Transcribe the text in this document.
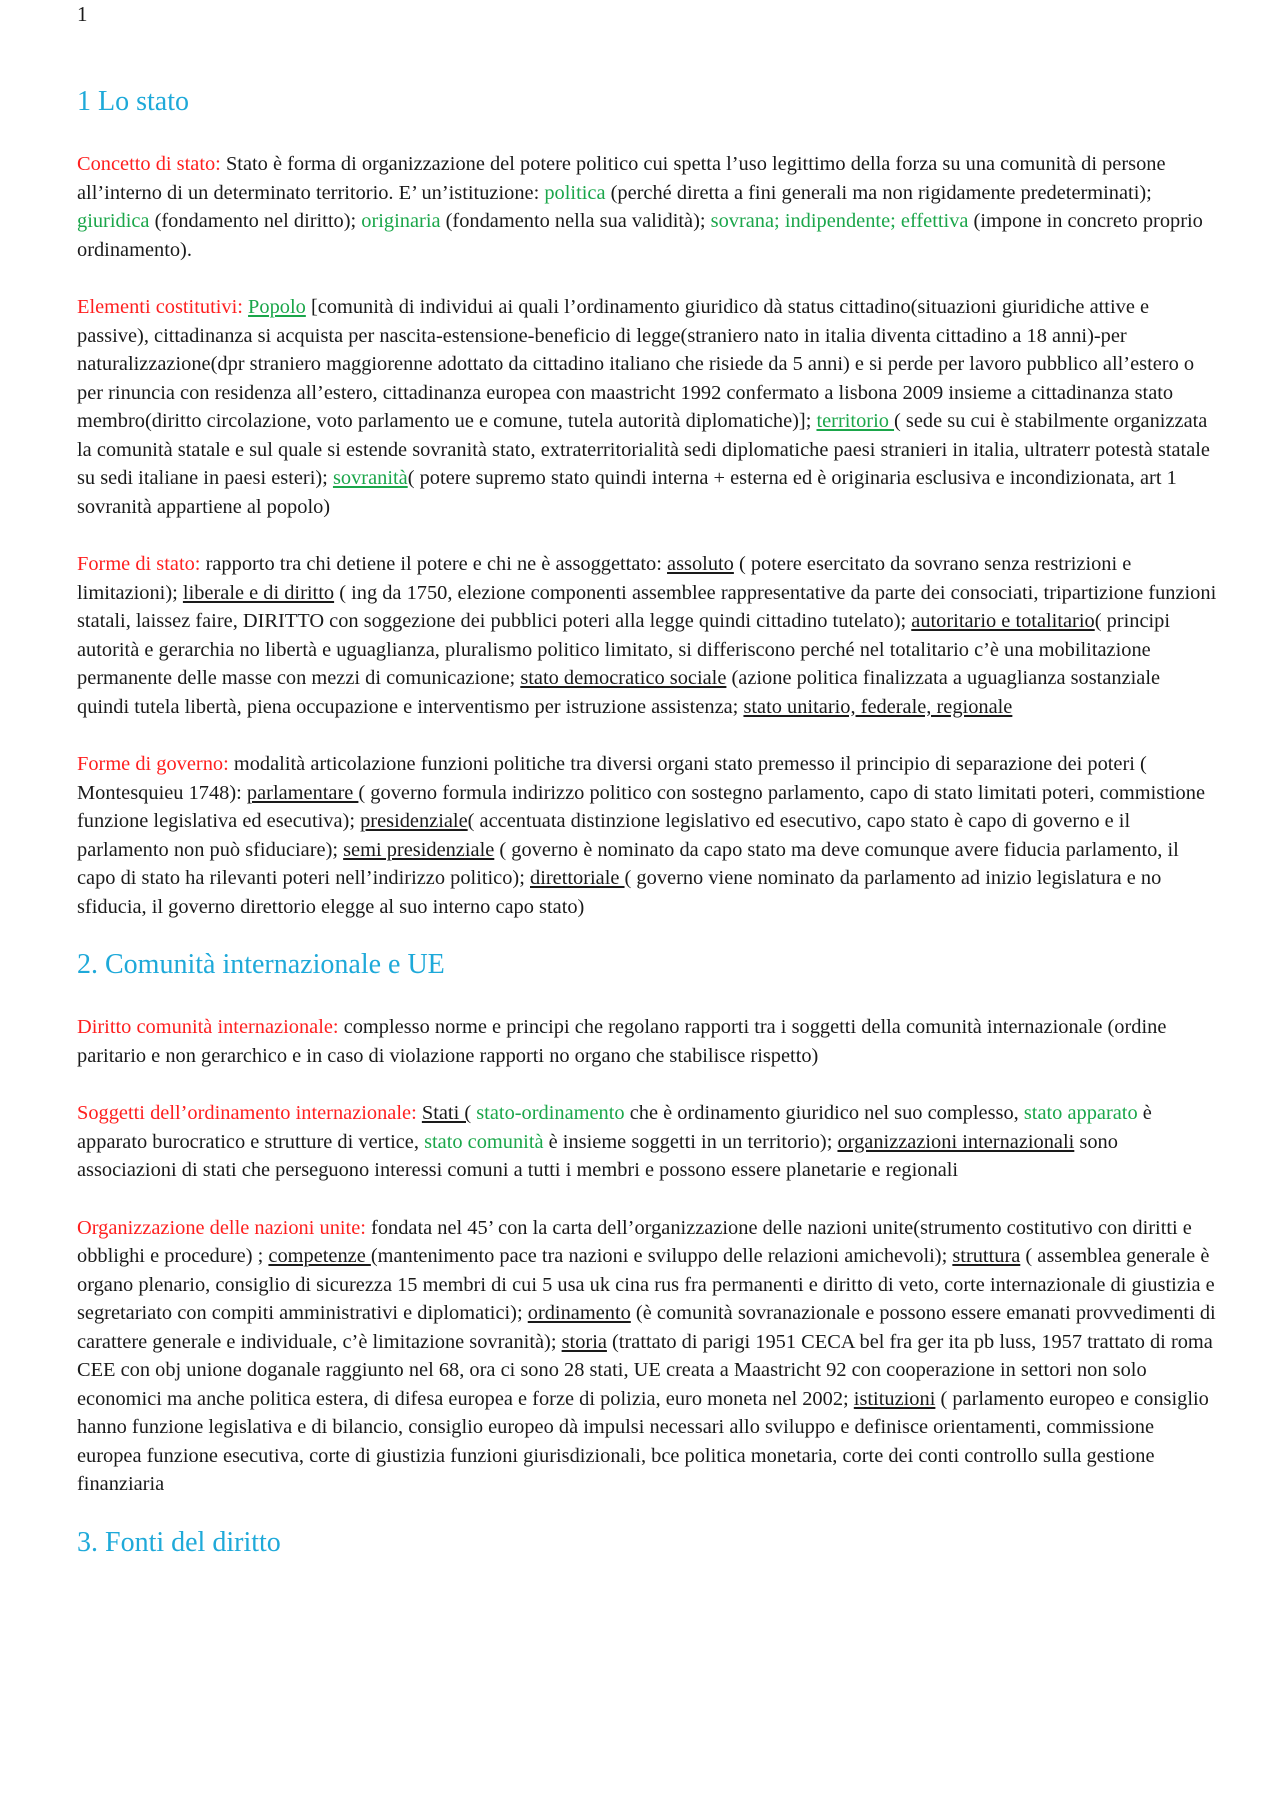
1
1 Lo stato

Concetto di stato: Stato è forma di organizzazione del potere politico cui spetta l’uso legittimo della forza su una comunità di persone all’interno di un determinato territorio. E’ un’istituzione: politica (perché diretta a fini generali ma non rigidamente predeterminati); giuridica (fondamento nel diritto); originaria (fondamento nella sua validità); sovrana; indipendente; effettiva (impone in concreto proprio ordinamento).

Elementi costitutivi: Popolo [comunità di individui ai quali l’ordinamento giuridico dà status cittadino(situazioni giuridiche attive e passive), cittadinanza si acquista per nascita-estensione-beneficio di legge(straniero nato in italia diventa cittadino a 18 anni)-per naturalizzazione(dpr straniero maggiorenne adottato da cittadino italiano che risiede da 5 anni) e si perde per lavoro pubblico all’estero o per rinuncia con residenza all’estero, cittadinanza europea con maastricht 1992 confermato a lisbona 2009 insieme a cittadinanza stato membro(diritto circolazione, voto parlamento ue e comune, tutela autorità diplomatiche)]; territorio ( sede su cui è stabilmente organizzata la comunità statale e sul quale si estende sovranità stato, extraterritorialità sedi diplomatiche paesi stranieri in italia, ultraterr potestà statale su sedi italiane in paesi esteri); sovranità( potere supremo stato quindi interna + esterna ed è originaria esclusiva e incondizionata, art 1 sovranità appartiene al popolo)

Forme di stato: rapporto tra chi detiene il potere e chi ne è assoggettato: assoluto ( potere esercitato da sovrano senza restrizioni e limitazioni); liberale e di diritto ( ing da 1750, elezione componenti assemblee rappresentative da parte dei consociati, tripartizione funzioni statali, laissez faire, DIRITTO con soggezione dei pubblici poteri alla legge quindi cittadino tutelato); autoritario e totalitario( principi autorità e gerarchia no libertà e uguaglianza, pluralismo politico limitato, si differiscono perché nel totalitario c’è una mobilitazione permanente delle masse con mezzi di comunicazione; stato democratico sociale (azione politica finalizzata a uguaglianza sostanziale quindi tutela libertà, piena occupazione e interventismo per istruzione assistenza; stato unitario, federale, regionale

Forme di governo: modalità articolazione funzioni politiche tra diversi organi stato premesso il principio di separazione dei poteri ( Montesquieu 1748): parlamentare ( governo formula indirizzo politico con sostegno parlamento, capo di stato limitati poteri, commistione funzione legislativa ed esecutiva); presidenziale( accentuata distinzione legislativo ed esecutivo, capo stato è capo di governo e il parlamento non può sfiduciare); semi presidenziale ( governo è nominato da capo stato ma deve comunque avere fiducia parlamento, il capo di stato ha rilevanti poteri nell’indirizzo politico); direttoriale ( governo viene nominato da parlamento ad inizio legislatura e no sfiducia, il governo direttorio elegge al suo interno capo stato)

2. Comunità internazionale e UE

Diritto comunità internazionale: complesso norme e principi che regolano rapporti tra i soggetti della comunità internazionale (ordine paritario e non gerarchico e in caso di violazione rapporti no organo che stabilisce rispetto)

Soggetti dell’ordinamento internazionale: Stati ( stato-ordinamento che è ordinamento giuridico nel suo complesso, stato apparato è apparato burocratico e strutture di vertice, stato comunità è insieme soggetti in un territorio); organizzazioni internazionali sono associazioni di stati che perseguono interessi comuni a tutti i membri e possono essere planetarie e regionali

Organizzazione delle nazioni unite: fondata nel 45’ con la carta dell’organizzazione delle nazioni unite(strumento costitutivo con diritti e obblighi e procedure) ; competenze (mantenimento pace tra nazioni e sviluppo delle relazioni amichevoli); struttura ( assemblea generale è organo plenario, consiglio di sicurezza 15 membri di cui 5 usa uk cina rus fra permanenti e diritto di veto, corte internazionale di giustizia e segretariato con compiti amministrativi e diplomatici); ordinamento (è comunità sovranazionale e possono essere emanati provvedimenti di carattere generale e individuale, c’è limitazione sovranità); storia (trattato di parigi 1951 CECA bel fra ger ita pb luss, 1957 trattato di roma CEE con obj unione doganale raggiunto nel 68, ora ci sono 28 stati, UE creata a Maastricht 92 con cooperazione in settori non solo economici ma anche politica estera, di difesa europea e forze di polizia, euro moneta nel 2002; istituzioni ( parlamento europeo e consiglio hanno funzione legislativa e di bilancio, consiglio europeo dà impulsi necessari allo sviluppo e definisce orientamenti, commissione europea funzione esecutiva, corte di giustizia funzioni giurisdizionali, bce politica monetaria, corte dei conti controllo sulla gestione finanziaria

3. Fonti del diritto
